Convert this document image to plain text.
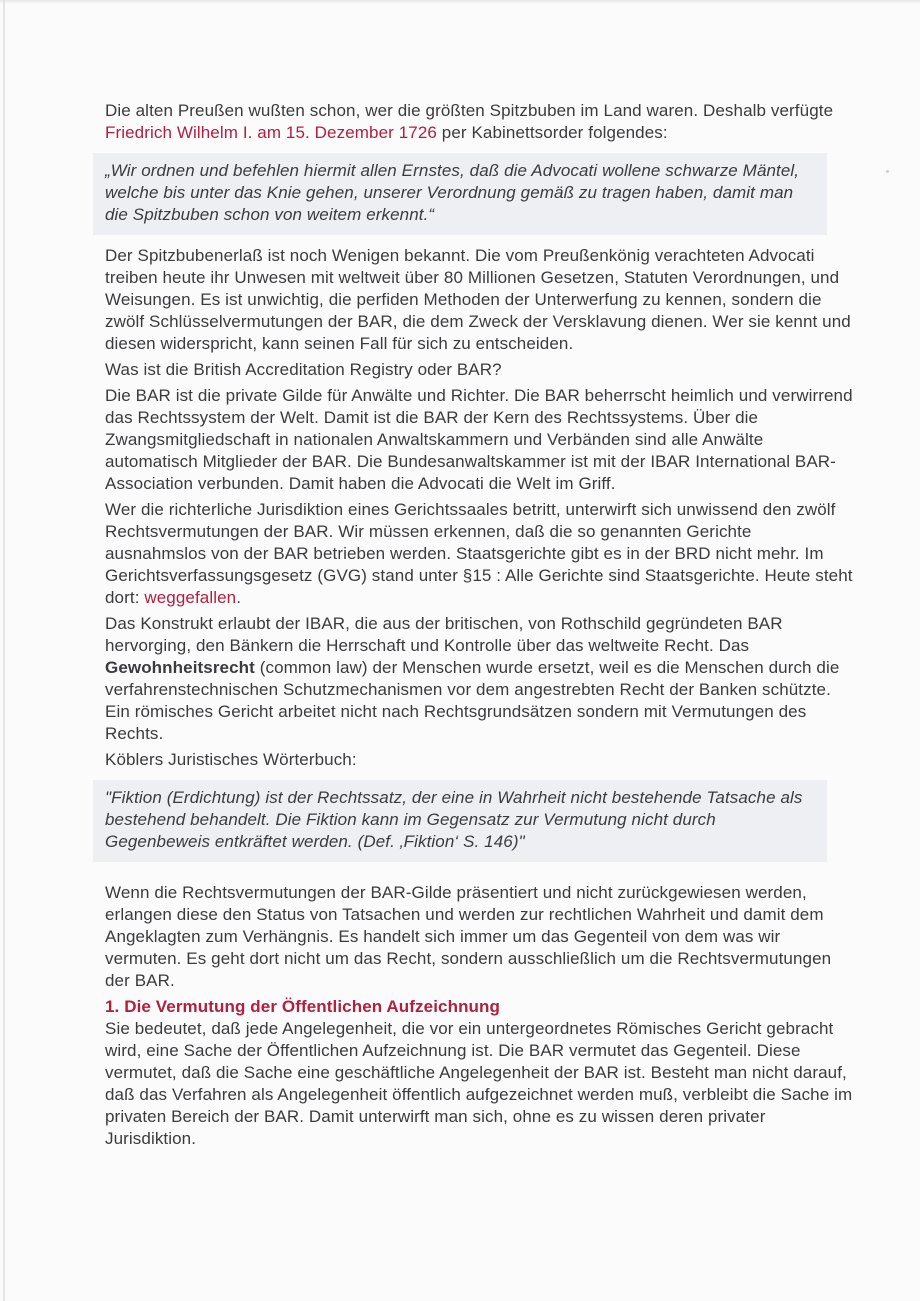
Die alten Preußen wußten schon, wer die größten Spitzbuben im Land waren. Deshalb verfügte Friedrich Wilhelm I. am 15. Dezember 1726 per Kabinettsorder folgendes:

„Wir ordnen und befehlen hiermit allen Ernstes, daß die Advocati wollene schwarze Mäntel, welche bis unter das Knie gehen, unserer Verordnung gemäß zu tragen haben, damit man die Spitzbuben schon von weitem erkennt.“

Der Spitzbubenerlaß ist noch Wenigen bekannt. Die vom Preußenkönig verachteten Advocati treiben heute ihr Unwesen mit weltweit über 80 Millionen Gesetzen, Statuten Verordnungen, und Weisungen. Es ist unwichtig, die perfiden Methoden der Unterwerfung zu kennen, sondern die zwölf Schlüsselvermutungen der BAR, die dem Zweck der Versklavung dienen. Wer sie kennt und diesen widerspricht, kann seinen Fall für sich zu entscheiden.

Was ist die British Accreditation Registry oder BAR?

Die BAR ist die private Gilde für Anwälte und Richter. Die BAR beherrscht heimlich und verwirrend das Rechtssystem der Welt. Damit ist die BAR der Kern des Rechtssystems. Über die Zwangsmitgliedschaft in nationalen Anwaltskammern und Verbänden sind alle Anwälte automatisch Mitglieder der BAR. Die Bundesanwaltskammer ist mit der IBAR International BAR-Association verbunden. Damit haben die Advocati die Welt im Griff.

Wer die richterliche Jurisdiktion eines Gerichtssaales betritt, unterwirft sich unwissend den zwölf Rechtsvermutungen der BAR. Wir müssen erkennen, daß die so genannten Gerichte ausnahmslos von der BAR betrieben werden. Staatsgerichte gibt es in der BRD nicht mehr. Im Gerichtsverfassungsgesetz (GVG) stand unter §15 : Alle Gerichte sind Staatsgerichte. Heute steht dort: weggefallen.

Das Konstrukt erlaubt der IBAR, die aus der britischen, von Rothschild gegründeten BAR hervorging, den Bänkern die Herrschaft und Kontrolle über das weltweite Recht. Das Gewohnheitsrecht (common law) der Menschen wurde ersetzt, weil es die Menschen durch die verfahrenstechnischen Schutzmechanismen vor dem angestrebten Recht der Banken schützte. Ein römisches Gericht arbeitet nicht nach Rechtsgrundsätzen sondern mit Vermutungen des Rechts.

Köblers Juristisches Wörterbuch:

"Fiktion (Erdichtung) ist der Rechtssatz, der eine in Wahrheit nicht bestehende Tatsache als bestehend behandelt. Die Fiktion kann im Gegensatz zur Vermutung nicht durch Gegenbeweis entkräftet werden. (Def. ‚Fiktion‘ S. 146)"

Wenn die Rechtsvermutungen der BAR-Gilde präsentiert und nicht zurückgewiesen werden, erlangen diese den Status von Tatsachen und werden zur rechtlichen Wahrheit und damit dem Angeklagten zum Verhängnis. Es handelt sich immer um das Gegenteil von dem was wir vermuten. Es geht dort nicht um das Recht, sondern ausschließlich um die Rechtsvermutungen der BAR.

1. Die Vermutung der Öffentlichen Aufzeichnung

Sie bedeutet, daß jede Angelegenheit, die vor ein untergeordnetes Römisches Gericht gebracht wird, eine Sache der Öffentlichen Aufzeichnung ist. Die BAR vermutet das Gegenteil. Diese vermutet, daß die Sache eine geschäftliche Angelegenheit der BAR ist. Besteht man nicht darauf, daß das Verfahren als Angelegenheit öffentlich aufgezeichnet werden muß, verbleibt die Sache im privaten Bereich der BAR. Damit unterwirft man sich, ohne es zu wissen deren privater Jurisdiktion.
